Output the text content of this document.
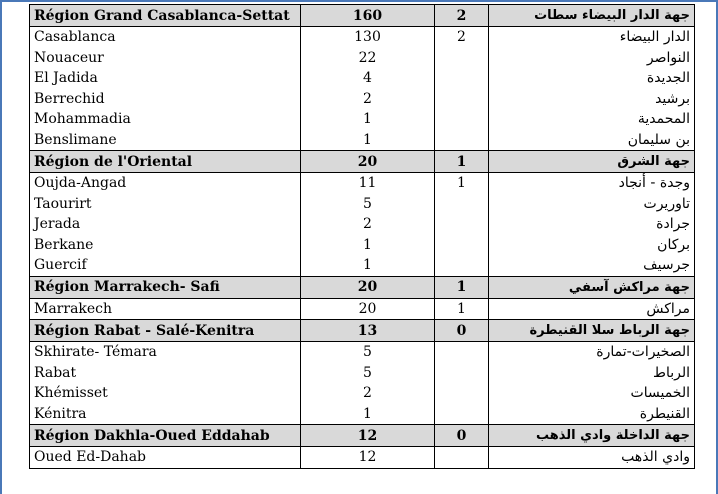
Région Grand Casablanca-Settat	160	2	جهة الدار البيضاء سطات
Casablanca	130	2	الدار البيضاء
Nouaceur	22		النواصر
El Jadida	4		الجديدة
Berrechid	2		برشيد
Mohammadia	1		المحمدية
Benslimane	1		بن سليمان
Région de l'Oriental	20	1	جهة الشرق
Oujda-Angad	11	1	وجدة - أنجاد
Taourirt	5		تاوريرت
Jerada	2		جرادة
Berkane	1		بركان
Guercif	1		جرسيف
Région Marrakech- Safi	20	1	جهة مراكش آسفي
Marrakech	20	1	مراكش
Région Rabat - Salé-Kenitra	13	0	جهة الرباط سلا القنيطرة
Skhirate- Témara	5		الصخيرات-تمارة
Rabat	5		الرباط
Khémisset	2		الخميسات
Kénitra	1		القنيطرة
Région Dakhla-Oued Eddahab	12	0	جهة الداخلة وادي الذهب
Oued Ed-Dahab	12		وادي الذهب
